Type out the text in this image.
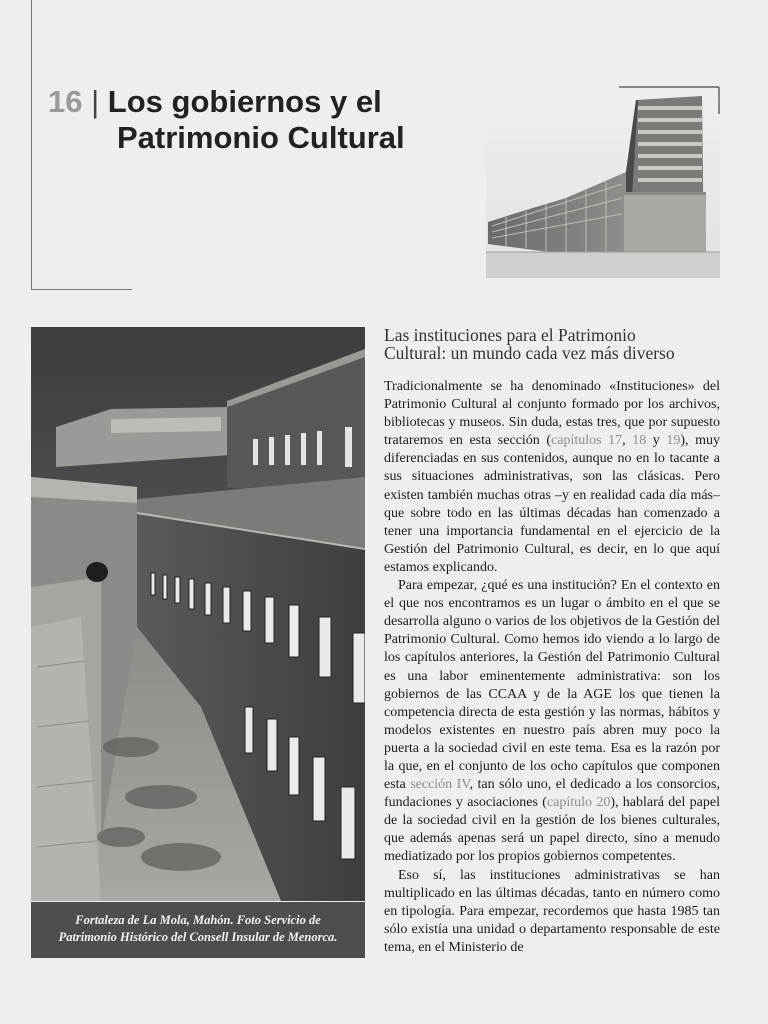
16 | Los gobiernos y el
Patrimonio Cultural
Fortaleza de La Mola, Mahón. Foto Servicio de
Patrimonio Histórico del Consell Insular de Menorca.
Las instituciones para el Patrimonio
Cultural: un mundo cada vez más diverso

Tradicionalmente se ha denominado «Instituciones» del Patrimonio Cultural al conjunto formado por los archivos, bibliotecas y museos. Sin duda, estas tres, que por supuesto trataremos en esta sección (capítulos 17, 18 y 19), muy diferenciadas en sus contenidos, aunque no en lo tacante a sus situaciones administrativas, son las clásicas. Pero existen también muchas otras –y en realidad cada día más– que sobre todo en las últimas décadas han comenzado a tener una importancia fundamental en el ejercicio de la Gestión del Patrimonio Cultural, es decir, en lo que aquí estamos explicando.

Para empezar, ¿qué es una institución? En el contexto en el que nos encontramos es un lugar o ámbito en el que se desarrolla alguno o varios de los objetivos de la Gestión del Patrimonio Cultural. Como hemos ido viendo a lo largo de los capítulos anteriores, la Gestión del Patrimonio Cultural es una labor eminentemente administrativa: son los gobiernos de las CCAA y de la AGE los que tienen la competencia directa de esta gestión y las normas, hábitos y modelos existentes en nuestro país abren muy poco la puerta a la sociedad civil en este tema. Esa es la razón por la que, en el conjunto de los ocho capítulos que componen esta sección IV, tan sólo uno, el dedicado a los consorcios, fundaciones y asociaciones (capítulo 20), hablará del papel de la sociedad civil en la gestión de los bienes culturales, que además apenas será un papel directo, sino a menudo mediatizado por los propios gobiernos competentes.

Eso sí, las instituciones administrativas se han multiplicado en las últimas décadas, tanto en número como en tipología. Para empezar, recordemos que hasta 1985 tan sólo existía una unidad o departamento responsable de este tema, en el Ministerio de
